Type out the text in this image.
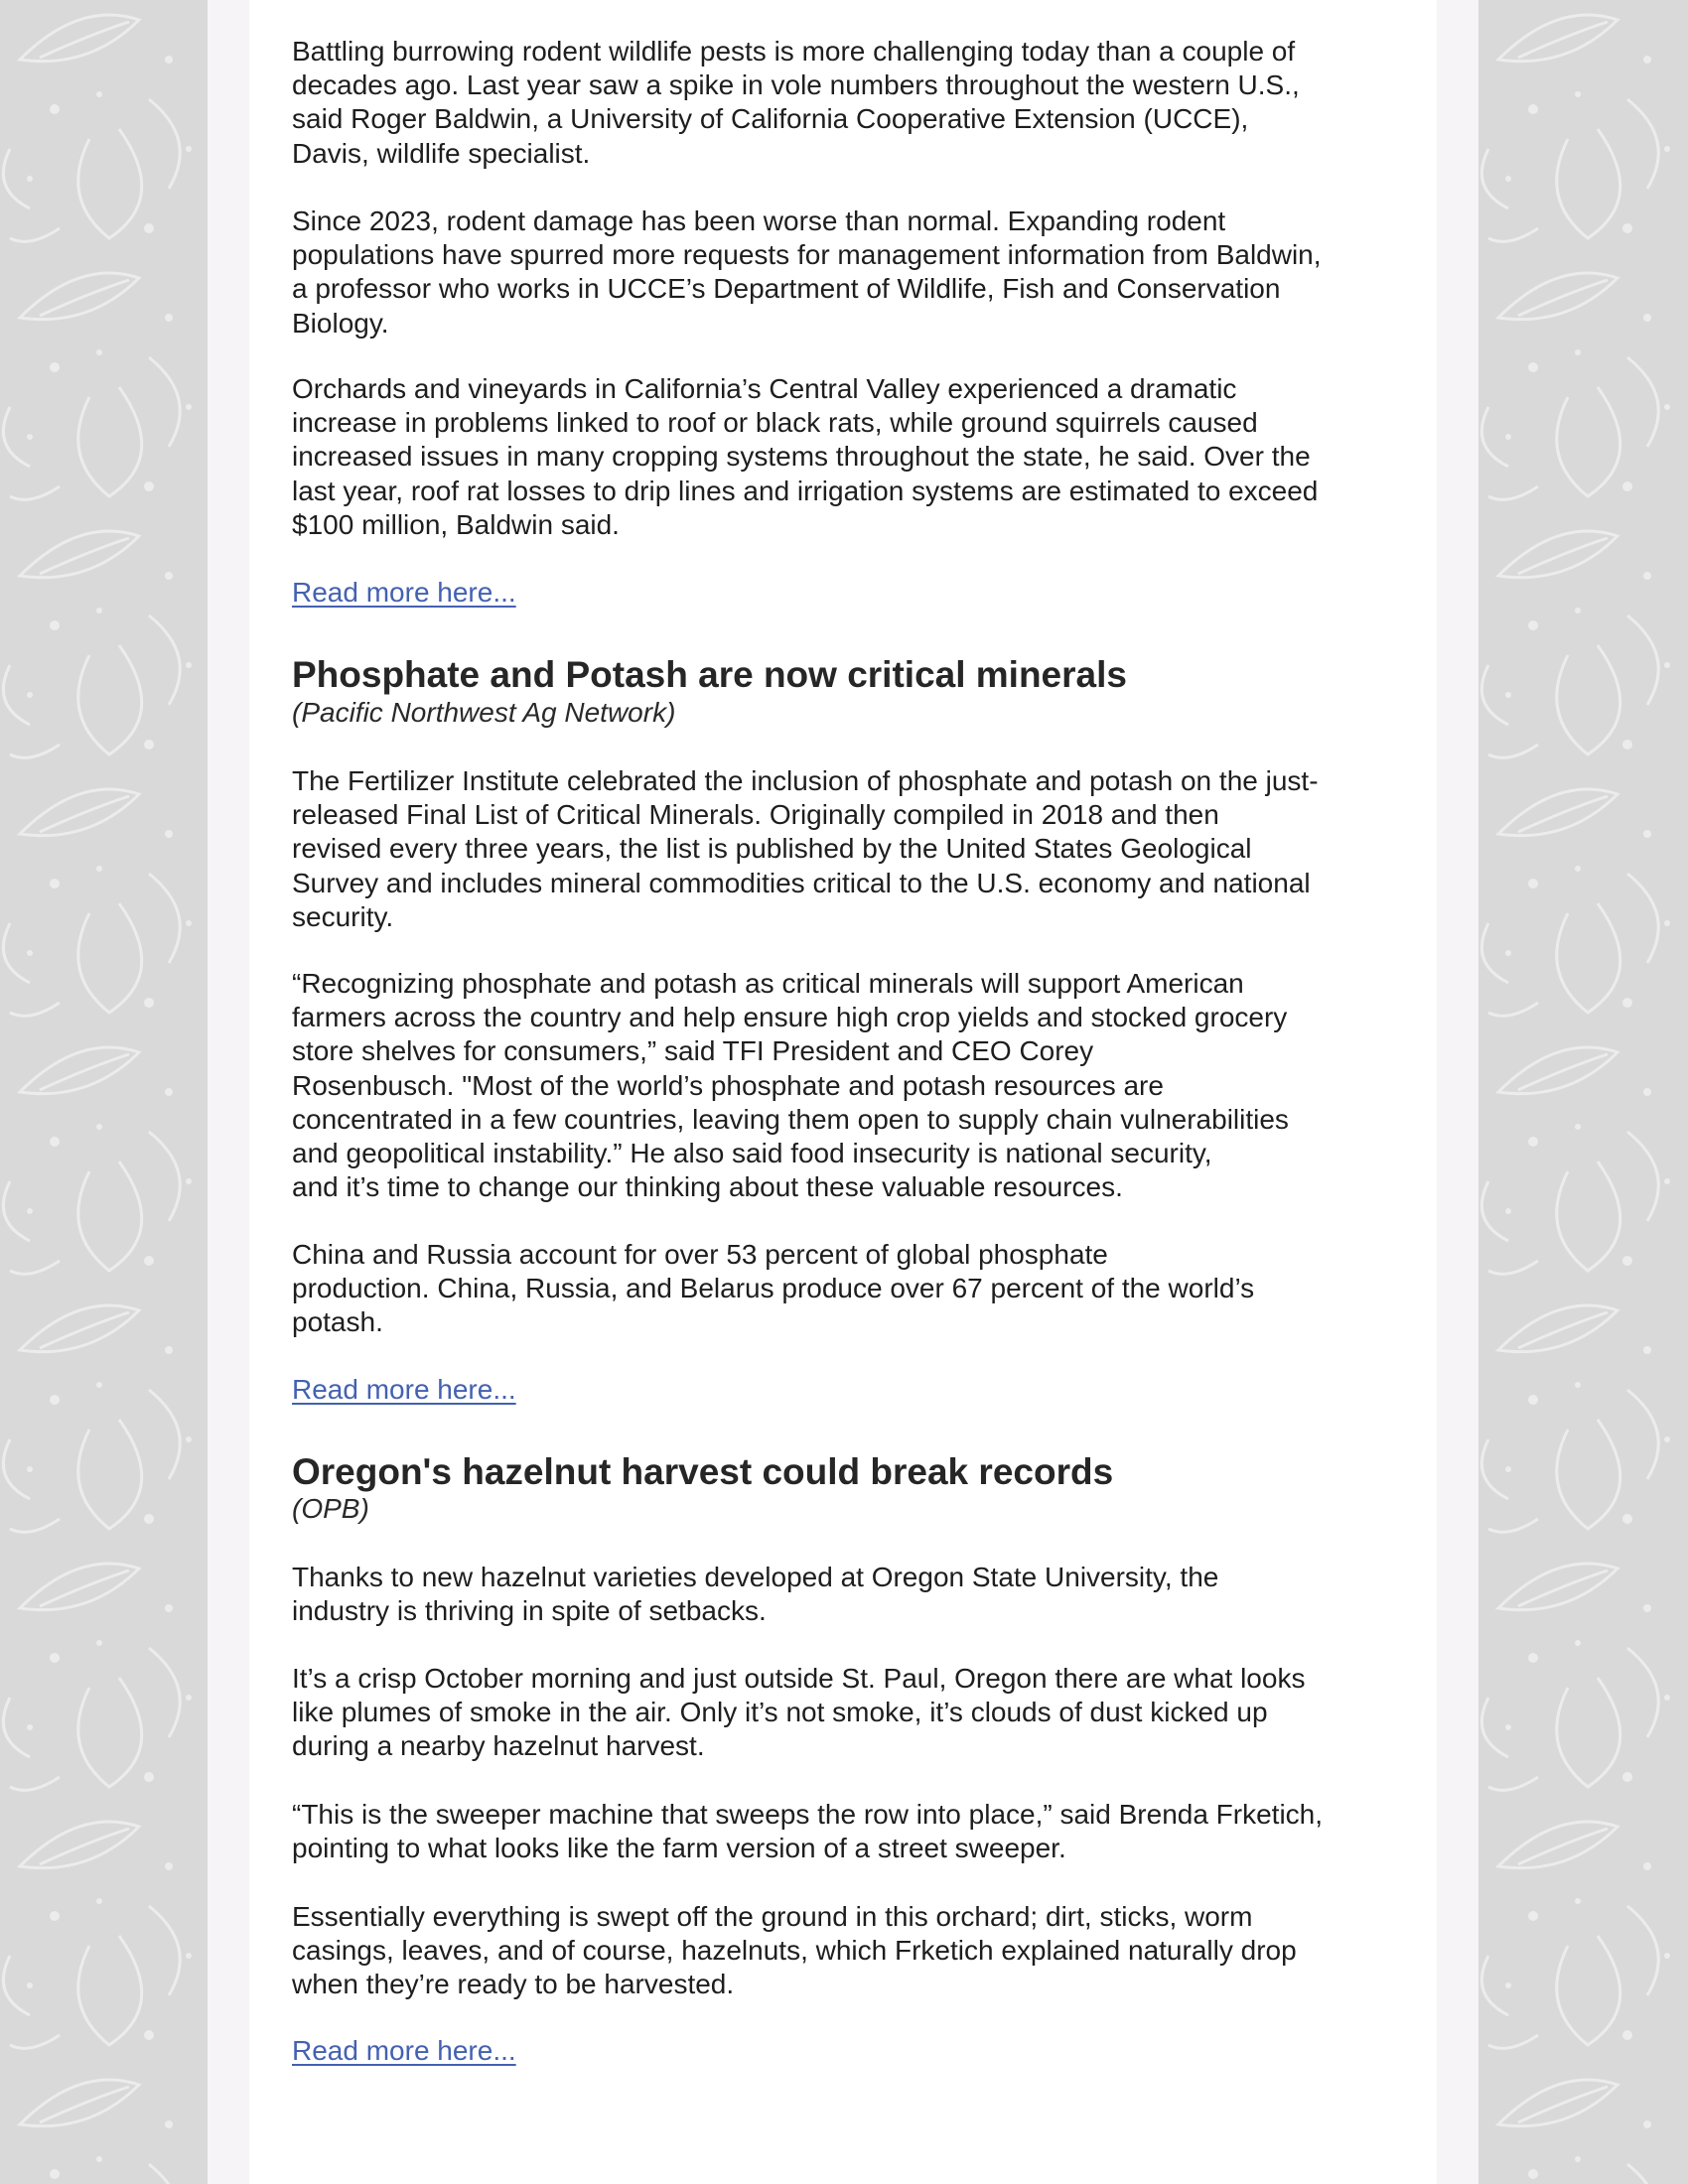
Battling burrowing rodent wildlife pests is more challenging today than a couple of
decades ago. Last year saw a spike in vole numbers throughout the western U.S.,
said Roger Baldwin, a University of California Cooperative Extension (UCCE),
Davis, wildlife specialist.
Since 2023, rodent damage has been worse than normal. Expanding rodent
populations have spurred more requests for management information from Baldwin,
a professor who works in UCCE’s Department of Wildlife, Fish and Conservation
Biology.
Orchards and vineyards in California’s Central Valley experienced a dramatic
increase in problems linked to roof or black rats, while ground squirrels caused
increased issues in many cropping systems throughout the state, he said. Over the
last year, roof rat losses to drip lines and irrigation systems are estimated to exceed
$100 million, Baldwin said.
Read more here...
Phosphate and Potash are now critical minerals
(Pacific Northwest Ag Network)
The Fertilizer Institute celebrated the inclusion of phosphate and potash on the just-
released Final List of Critical Minerals. Originally compiled in 2018 and then
revised every three years, the list is published by the United States Geological
Survey and includes mineral commodities critical to the U.S. economy and national
security.
“Recognizing phosphate and potash as critical minerals will support American
farmers across the country and help ensure high crop yields and stocked grocery
store shelves for consumers,” said TFI President and CEO Corey
Rosenbusch. "Most of the world’s phosphate and potash resources are
concentrated in a few countries, leaving them open to supply chain vulnerabilities
and geopolitical instability.” He also said food insecurity is national security,
and it’s time to change our thinking about these valuable resources.
China and Russia account for over 53 percent of global phosphate
production. China, Russia, and Belarus produce over 67 percent of the world’s
potash.
Read more here...
Oregon's hazelnut harvest could break records
(OPB)
Thanks to new hazelnut varieties developed at Oregon State University, the
industry is thriving in spite of setbacks.
It’s a crisp October morning and just outside St. Paul, Oregon there are what looks
like plumes of smoke in the air. Only it’s not smoke, it’s clouds of dust kicked up
during a nearby hazelnut harvest.
“This is the sweeper machine that sweeps the row into place,” said Brenda Frketich,
pointing to what looks like the farm version of a street sweeper.
Essentially everything is swept off the ground in this orchard; dirt, sticks, worm
casings, leaves, and of course, hazelnuts, which Frketich explained naturally drop
when they’re ready to be harvested.
Read more here...
